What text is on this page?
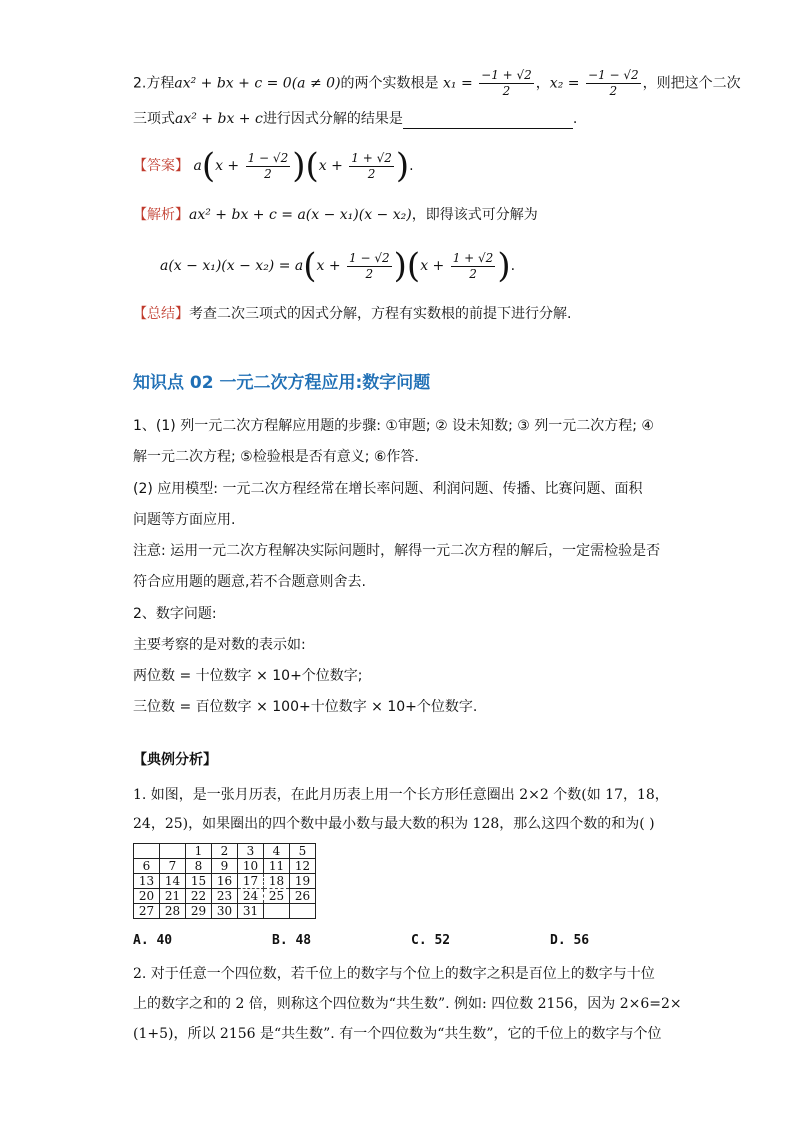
2.方程ax² + bx + c = 0(a ≠ 0)的两个实数根是 $x_1 = \frac{-1 + √2}{2}$ ，$x_2 = \frac{-1 - √2}{2}$ ，则把这个二次
三项式ax² + bx + c进行因式分解的结果是	.
【答案】 $a(x + \frac{1 - √2}{2} )(x + \frac{1 + √2}{2}$ ).
【解析】ax² + bx + c = a(x − x₁)(x − x₂)，即得该式可分解为
$a(x - x_1)(x - x_2) = a(x + \frac{1 - √2}{2} )(x + \frac{1 + √2}{2}$ ).
【总结】考查二次三项式的因式分解，方程有实数根的前提下进行分解.
知识点 02 一元二次方程应用:数字问题
1、(1) 列一元二次方程解应用题的步骤: ①审题; ② 设未知数; ③ 列一元二次方程; ④
解一元二次方程; ⑤检验根是否有意义; ⑥作答.
(2) 应用模型: 一元二次方程经常在增长率问题、利润问题、传播、比赛问题、面积
问题等方面应用.
注意: 运用一元二次方程解决实际问题时，解得一元二次方程的解后，一定需检验是否
符合应用题的题意,若不合题意则舍去.
2、数字问题:
主要考察的是对数的表示如:
两位数 = 十位数字 × 10+个位数字;
三位数 = 百位数字 × 100+十位数字 × 10+个位数字.
【典例分析】
1. 如图，是一张月历表，在此月历表上用一个长方形任意圈出 2×2 个数(如 17，18，
24，25)，如果圈出的四个数中最小数与最大数的积为 128，那么这四个数的和为( )
		1	2	3	4	5
6	7	8	9	10	11	12
13	14	15	16	17	18	19
20	21	22	23	24	25	26
27	28	29	30	31		
A. 40	B. 48	C. 52	D. 56
2. 对于任意一个四位数，若千位上的数字与个位上的数字之积是百位上的数字与十位
上的数字之和的 2 倍，则称这个四位数为“共生数”. 例如: 四位数 2156，因为 2×6=2×
(1+5)，所以 2156 是“共生数”. 有一个四位数为“共生数”，它的千位上的数字与个位
